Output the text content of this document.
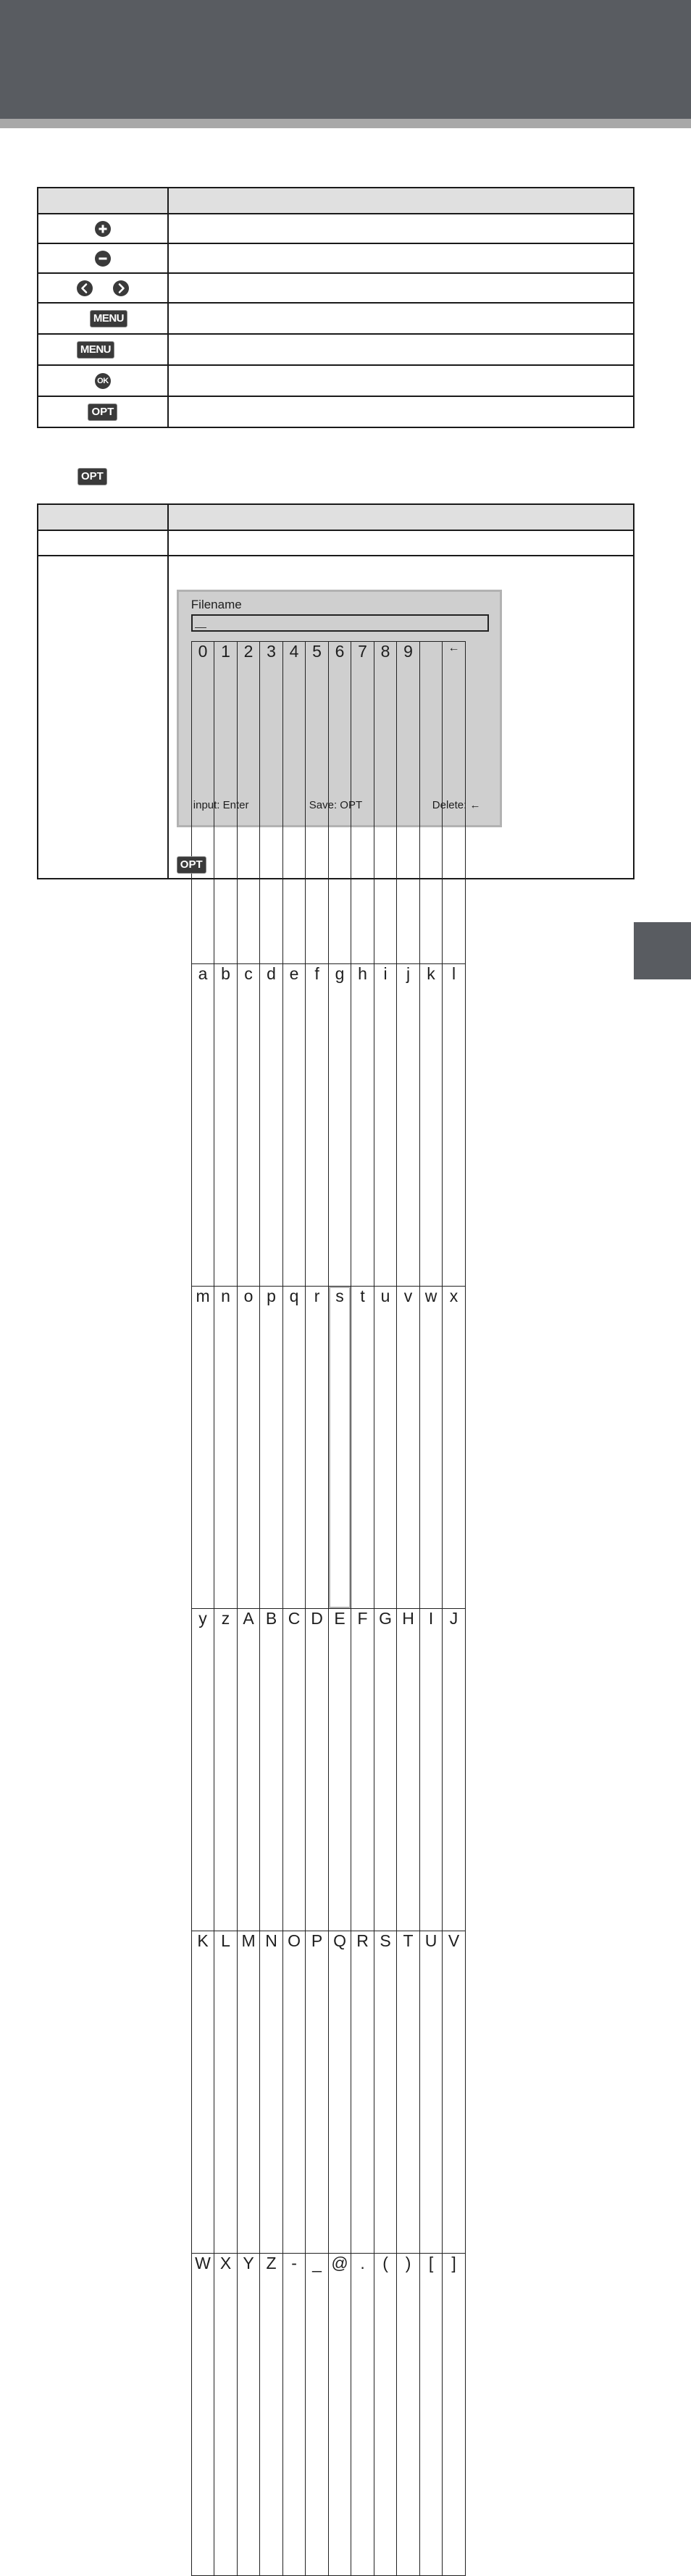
MENU	
MENU	
OK	
OPT	
OPT

Filename
0	1	2	3	4	5	6	7	8	9		←
a	b	c	d	e	f	g	h	i	j	k	l
m	n	o	p	q	r	s	t	u	v	w	x
y	z	A	B	C	D	E	F	G	H	I	J
K	L	M	N	O	P	Q	R	S	T	U	V
W	X	Y	Z	-	_	@	.	(	)	[	]
input: Enter	Save: OPT	Delete: ←
OPT
